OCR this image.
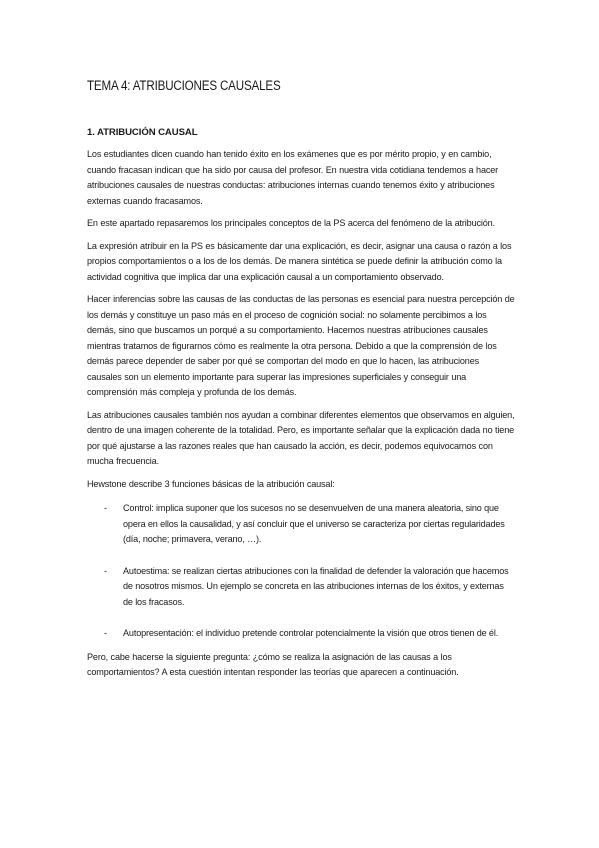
TEMA 4: ATRIBUCIONES CAUSALES
1. ATRIBUCIÓN CAUSAL

Los estudiantes dicen cuando han tenido éxito en los exámenes que es por mérito propio, y en cambio, cuando fracasan indican que ha sido por causa del profesor. En nuestra vida cotidiana tendemos a hacer atribuciones causales de nuestras conductas: atribuciones internas cuando tenemos éxito y atribuciones externas cuando fracasamos.

En este apartado repasaremos los principales conceptos de la PS acerca del fenómeno de la atribución.

La expresión atribuir en la PS es básicamente dar una explicación, es decir, asignar una causa o razón a los propios comportamientos o a los de los demás. De manera sintética se puede definir la atribución como la actividad cognitiva que implica dar una explicación causal a un comportamiento observado.

Hacer inferencias sobre las causas de las conductas de las personas es esencial para nuestra percepción de los demás y constituye un paso más en el proceso de cognición social: no solamente percibimos a los demás, sino que buscamos un porqué a su comportamiento. Hacemos nuestras atribuciones causales mientras tratamos de figurarnos cómo es realmente la otra persona. Debido a que la comprensión de los demás parece depender de saber por qué se comportan del modo en que lo hacen, las atribuciones causales son un elemento importante para superar las impresiones superficiales y conseguir una comprensión más compleja y profunda de los demás.

Las atribuciones causales también nos ayudan a combinar diferentes elementos que observamos en alguien, dentro de una imagen coherente de la totalidad. Pero, es importante señalar que la explicación dada no tiene por qué ajustarse a las razones reales que han causado la acción, es decir, podemos equivocarnos con mucha frecuencia.

Hewstone describe 3 funciones básicas de la atribución causal:

- Control: implica suponer que los sucesos no se desenvuelven de una manera aleatoria, sino que opera en ellos la causalidad, y así concluir que el universo se caracteriza por ciertas regularidades (día, noche; primavera, verano, …).
- Autoestima: se realizan ciertas atribuciones con la finalidad de defender la valoración que hacemos de nosotros mismos. Un ejemplo se concreta en las atribuciones internas de los éxitos, y externas de los fracasos.
- Autopresentación: el individuo pretende controlar potencialmente la visión que otros tienen de él.

Pero, cabe hacerse la siguiente pregunta: ¿cómo se realiza la asignación de las causas a los comportamientos? A esta cuestión intentan responder las teorías que aparecen a continuación.
